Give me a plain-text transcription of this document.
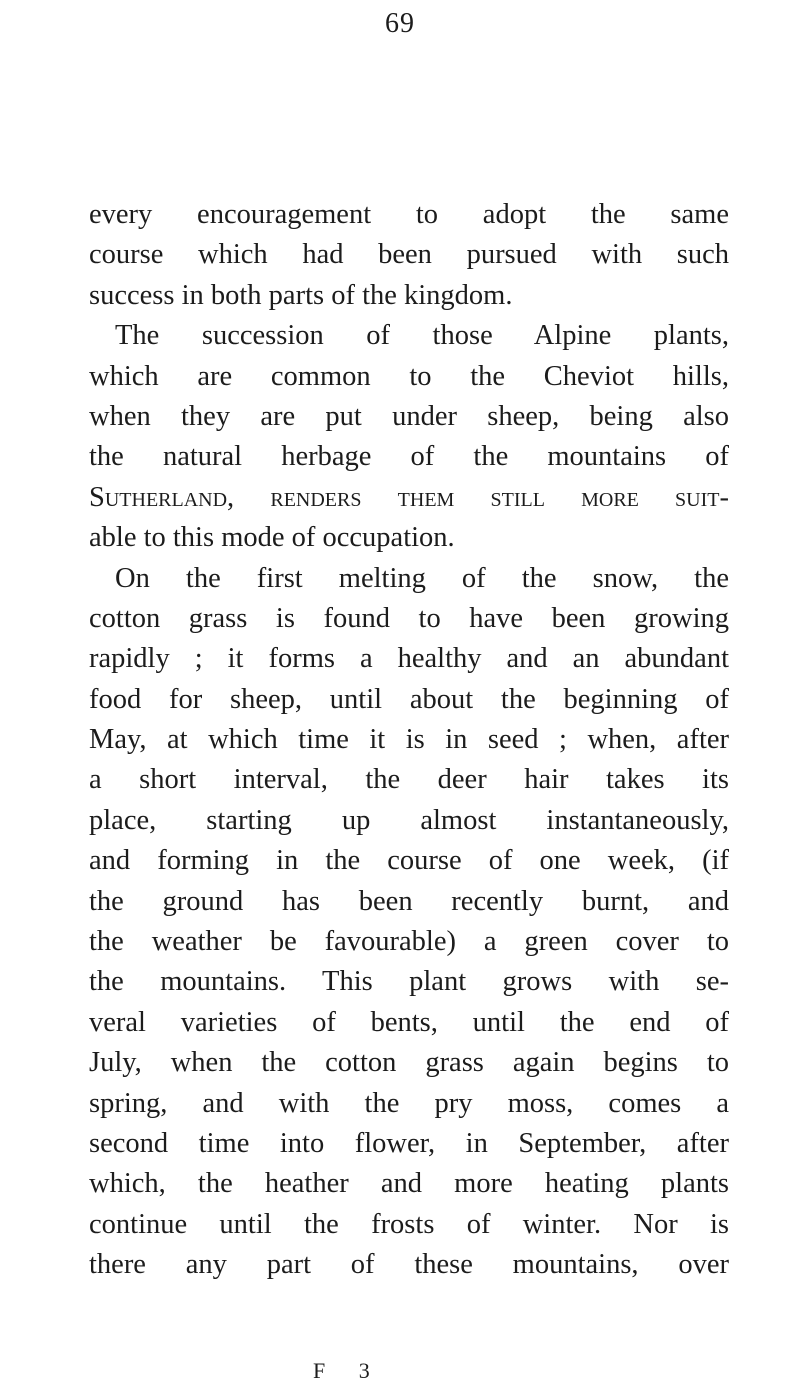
69
every encouragement to adopt the same
course which had been pursued with such
success in both parts of the kingdom.
The succession of those Alpine plants,
which are common to the Cheviot hills,
when they are put under sheep, being also
the natural herbage of the mountains of
Sutherland, renders them still more suit-
able to this mode of occupation.
On the first melting of the snow, the
cotton grass is found to have been growing
rapidly ; it forms a healthy and an abundant
food for sheep, until about the beginning of
May, at which time it is in seed ; when, after
a short interval, the deer hair takes its
place, starting up almost instantaneously,
and forming in the course of one week, (if
the ground has been recently burnt, and
the weather be favourable) a green cover to
the mountains. This plant grows with se-
veral varieties of bents, until the end of
July, when the cotton grass again begins to
spring, and with the pry moss, comes a
second time into flower, in September, after
which, the heather and more heating plants
continue until the frosts of winter. Nor is
there any part of these mountains, over
F 3
